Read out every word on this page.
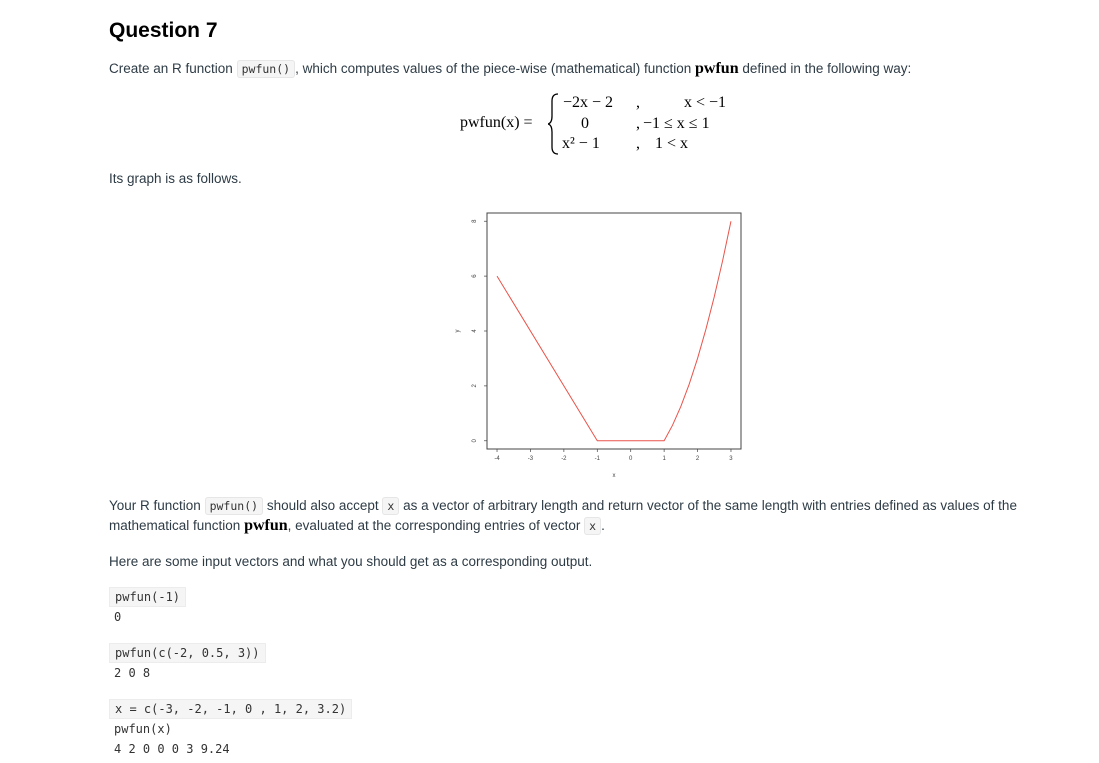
Question 7
Create an R function pwfun() , which computes values of the piece-wise (mathematical) function pwfun defined in the following way:
pwfun(x) =
−2x − 2 ,	x < −1
0	, −1 ≤ x ≤ 1
x² − 1 , 1 < x
Its graph is as follows.
-4	-3	-2	-1	0	1	2	3
0
2
4
6
8
x
y
Your R function pwfun() should also accept x as a vector of arbitrary length and return vector of the same length with entries defined as values of the mathematical function pwfun, evaluated at the corresponding entries of vector x .
Here are some input vectors and what you should get as a corresponding output.
pwfun(-1)
0
pwfun(c(-2, 0.5, 3))
2 0 8
x = c(-3, -2, -1, 0 , 1, 2, 3.2)
pwfun(x)
4 2 0 0 0 3 9.24
